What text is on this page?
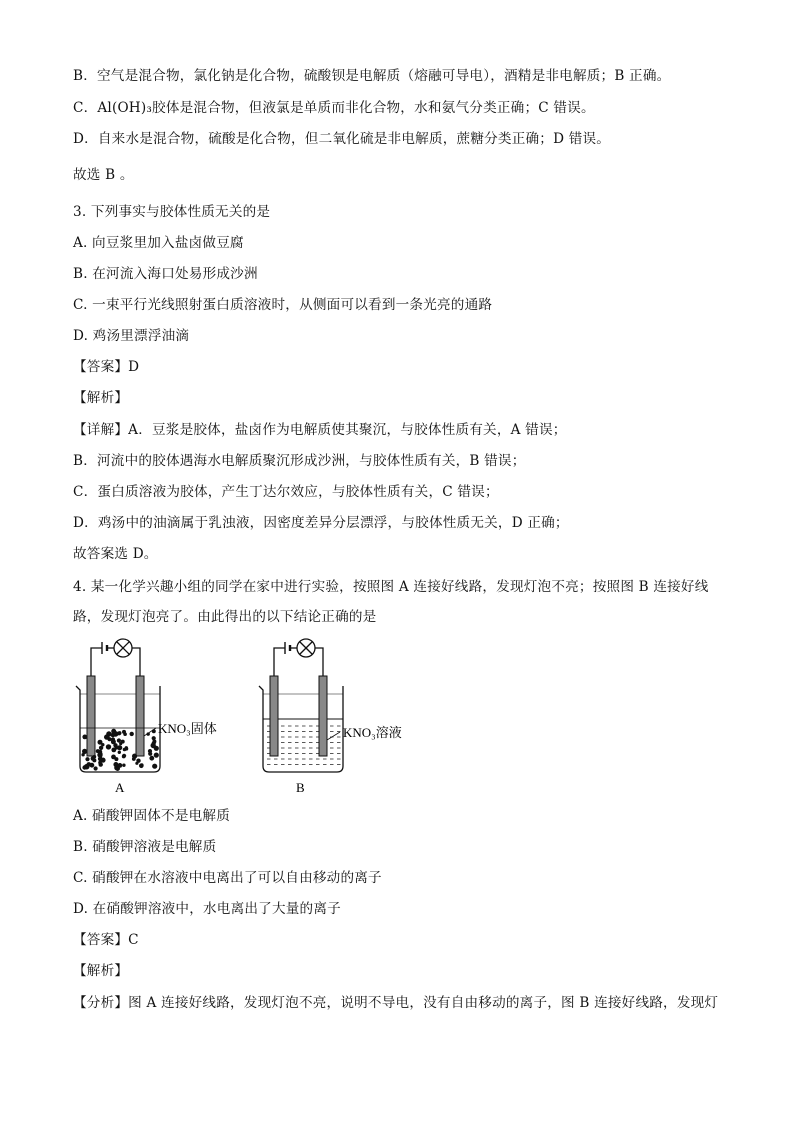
B．空气是混合物，氯化钠是化合物，硫酸钡是电解质（熔融可导电），酒精是非电解质；B 正确。
C．Al(OH)₃胶体是混合物，但液氯是单质而非化合物，水和氨气分类正确；C 错误。
D．自来水是混合物，硫酸是化合物，但二氧化硫是非电解质，蔗糖分类正确；D 错误。
故选 B 。
3. 下列事实与胶体性质无关的是
A. 向豆浆里加入盐卤做豆腐
B. 在河流入海口处易形成沙洲
C. 一束平行光线照射蛋白质溶液时，从侧面可以看到一条光亮的通路
D. 鸡汤里漂浮油滴
【答案】D
【解析】
【详解】A．豆浆是胶体，盐卤作为电解质使其聚沉，与胶体性质有关，A 错误；
B．河流中的胶体遇海水电解质聚沉形成沙洲，与胶体性质有关，B 错误；
C．蛋白质溶液为胶体，产生丁达尔效应，与胶体性质有关，C 错误；
D．鸡汤中的油滴属于乳浊液，因密度差异分层漂浮，与胶体性质无关，D 正确；
故答案选 D。
4. 某一化学兴趣小组的同学在家中进行实验，按照图 A 连接好线路，发现灯泡不亮；按照图 B 连接好线
路，发现灯泡亮了。由此得出的以下结论正确的是
KNO₃固体
A
KNO₃溶液
B
A. 硝酸钾固体不是电解质
B. 硝酸钾溶液是电解质
C. 硝酸钾在水溶液中电离出了可以自由移动的离子
D. 在硝酸钾溶液中，水电离出了大量的离子
【答案】C
【解析】
【分析】图 A 连接好线路，发现灯泡不亮，说明不导电，没有自由移动的离子，图 B 连接好线路，发现灯
